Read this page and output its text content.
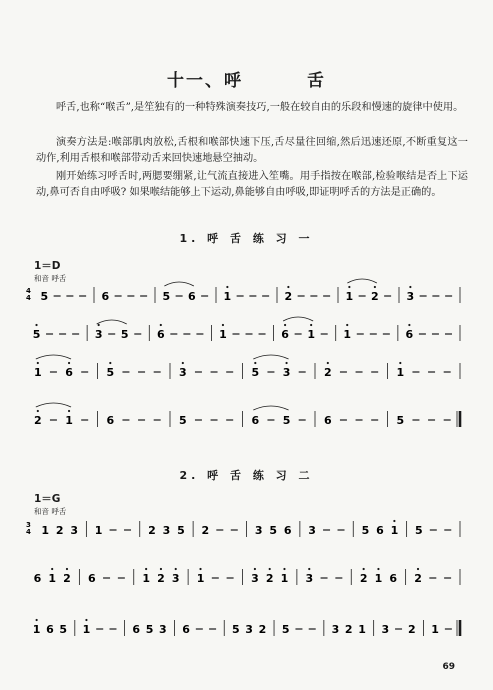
十一、呼	舌
呼舌,也称“喉舌”,是笙独有的一种特殊演奏技巧,一般在较自由的乐段和慢速的旋律中使用。
演奏方法是:喉部肌肉放松,舌根和喉部快速下压,舌尽量往回缩,然后迅速还原,不断重复这一动作,利用舌根和喉部带动舌来回快速地悬空抽动。
刚开始练习呼舌时,两腮要绷紧,让气流直接进入笙嘴。用手指按在喉部,检验喉结是否上下运动,鼻可否自由呼吸? 如果喉结能够上下运动,鼻能够自由呼吸,即证明呼舌的方法是正确的。
1. 呼 舌 练 习 一
1＝D
和音 呼舌
4
4 5	6	5 6	1	2	1 2	3
5	3 5	6	1	6 1	1	6
1 6	5	3	5 3	2	1
2 1	6	5	6 5	6	5
2. 呼 舌 练 习 二
1＝G
和音 呼舌
3
4 1 2 3 1	2 3 5 2	3 5 6 3	5 6 1 5
6 1 2 6	1 2 3 1	3 2 1 3	2 1 6 2
1 6 5 1	6 5 3 6	5 3 2 5	3 2 1 3 2 1
69
